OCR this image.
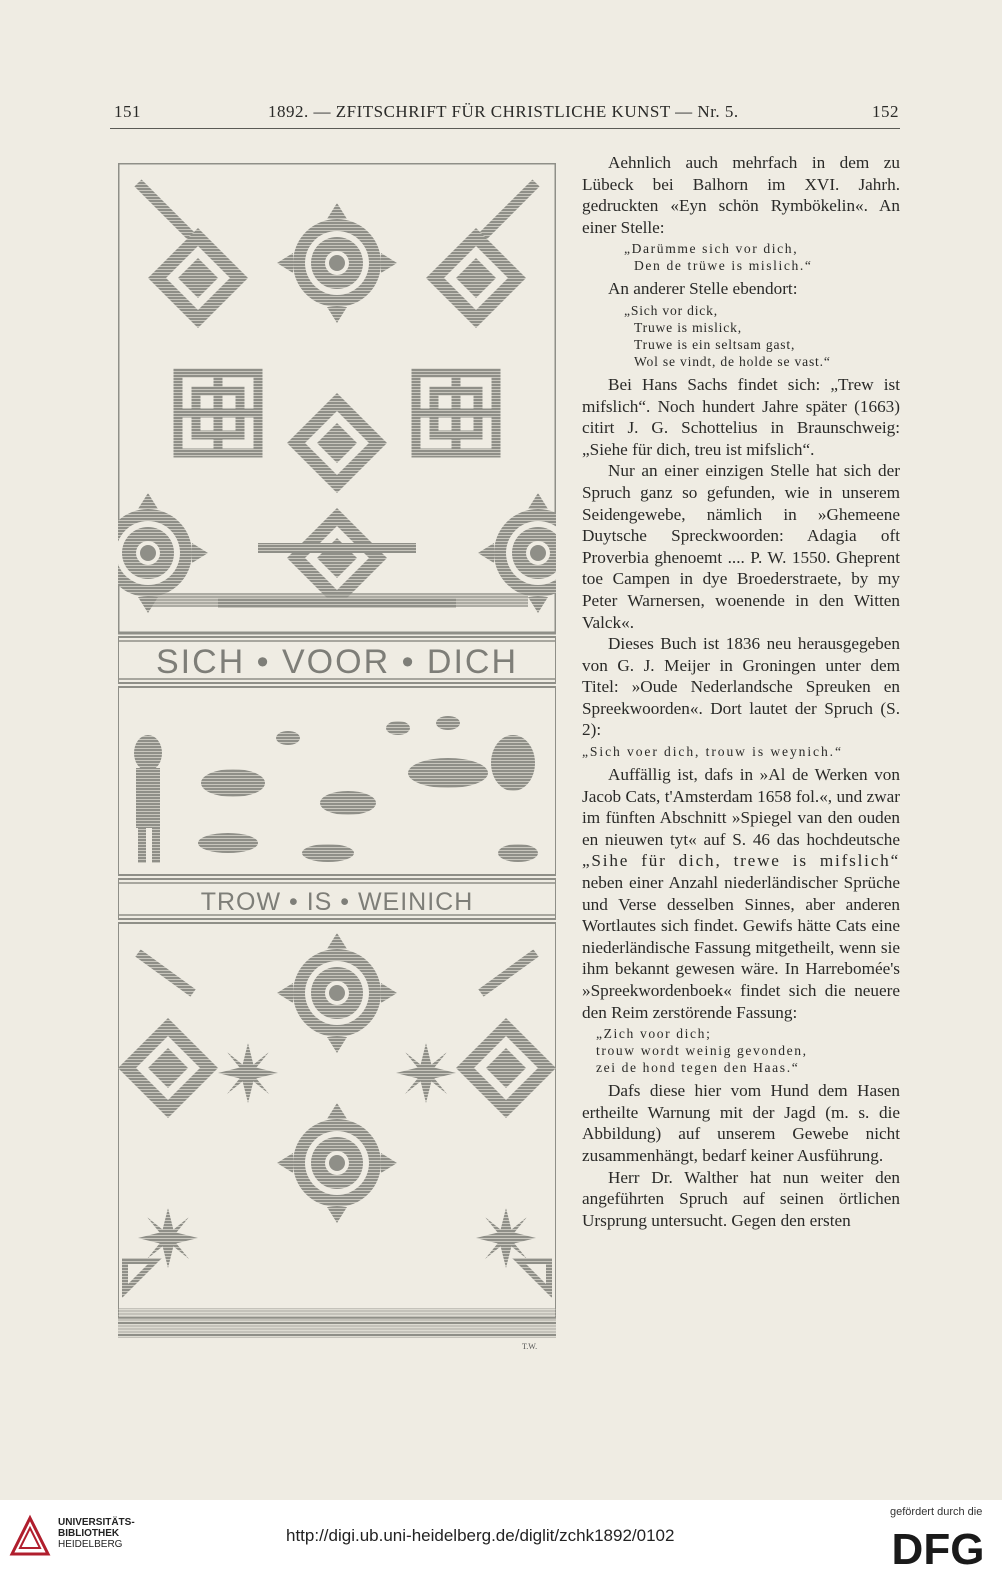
151	1892. — ZFITSCHRIFT FÜR CHRISTLICHE KUNST — Nr. 5.	152
SICH • VOOR • DICH
TROW • IS • WEINICH
T.W.

Aehnlich auch mehrfach in dem zu Lübeck bei Balhorn im XVI. Jahrh. gedruckten «Eyn schön Rymbökelin«. An einer Stelle:

„Darümme sich vor dich,
Den de trüwe is mislich.“

An anderer Stelle ebendort:

„Sich vor dick,
Truwe is mislick,
Truwe is ein seltsam gast,
Wol se vindt, de holde se vast.“

Bei Hans Sachs findet sich: „Trew ist mifslich“. Noch hundert Jahre später (1663) citirt J. G. Schottelius in Braunschweig: „Siehe für dich, treu ist mifslich“.

Nur an einer einzigen Stelle hat sich der Spruch ganz so gefunden, wie in unserem Seidengewebe, nämlich in »Ghemeene Duytsche Spreckwoorden: Adagia oft Proverbia ghenoemt .... P. W. 1550. Gheprent toe Campen in dye Broederstraete, by my Peter Warnersen, woenende in den Witten Valck«.

Dieses Buch ist 1836 neu herausgegeben von G. J. Meijer in Groningen unter dem Titel: »Oude Nederlandsche Spreuken en Spreekwoorden«. Dort lautet der Spruch (S. 2):

„Sich voer dich, trouw is weynich.“

Auffällig ist, dafs in »Al de Werken von Jacob Cats, t'Amsterdam 1658 fol.«, und zwar im fünften Abschnitt »Spiegel van den ouden en nieuwen tyt« auf S. 46 das hochdeutsche „Sihe für dich, trewe is mifslich“ neben einer Anzahl niederländischer Sprüche und Verse desselben Sinnes, aber anderen Wortlautes sich findet. Gewifs hätte Cats eine niederländische Fassung mitgetheilt, wenn sie ihm bekannt gewesen wäre. In Harrebomée's »Spreekwordenboek« findet sich die neuere den Reim zerstörende Fassung:

„Zich voor dich;
trouw wordt weinig gevonden,
zei de hond tegen den Haas.“

Dafs diese hier vom Hund dem Hasen ertheilte Warnung mit der Jagd (m. s. die Abbildung) auf unserem Gewebe nicht zusammenhängt, bedarf keiner Ausführung.

Herr Dr. Walther hat nun weiter den angeführten Spruch auf seinen örtlichen Ursprung untersucht. Gegen den ersten

UNIVERSITÄTS-
BIBLIOTHEK
HEIDELBERG	http://digi.ub.uni-heidelberg.de/diglit/zchk1892/0102
gefördert durch die
DFG
